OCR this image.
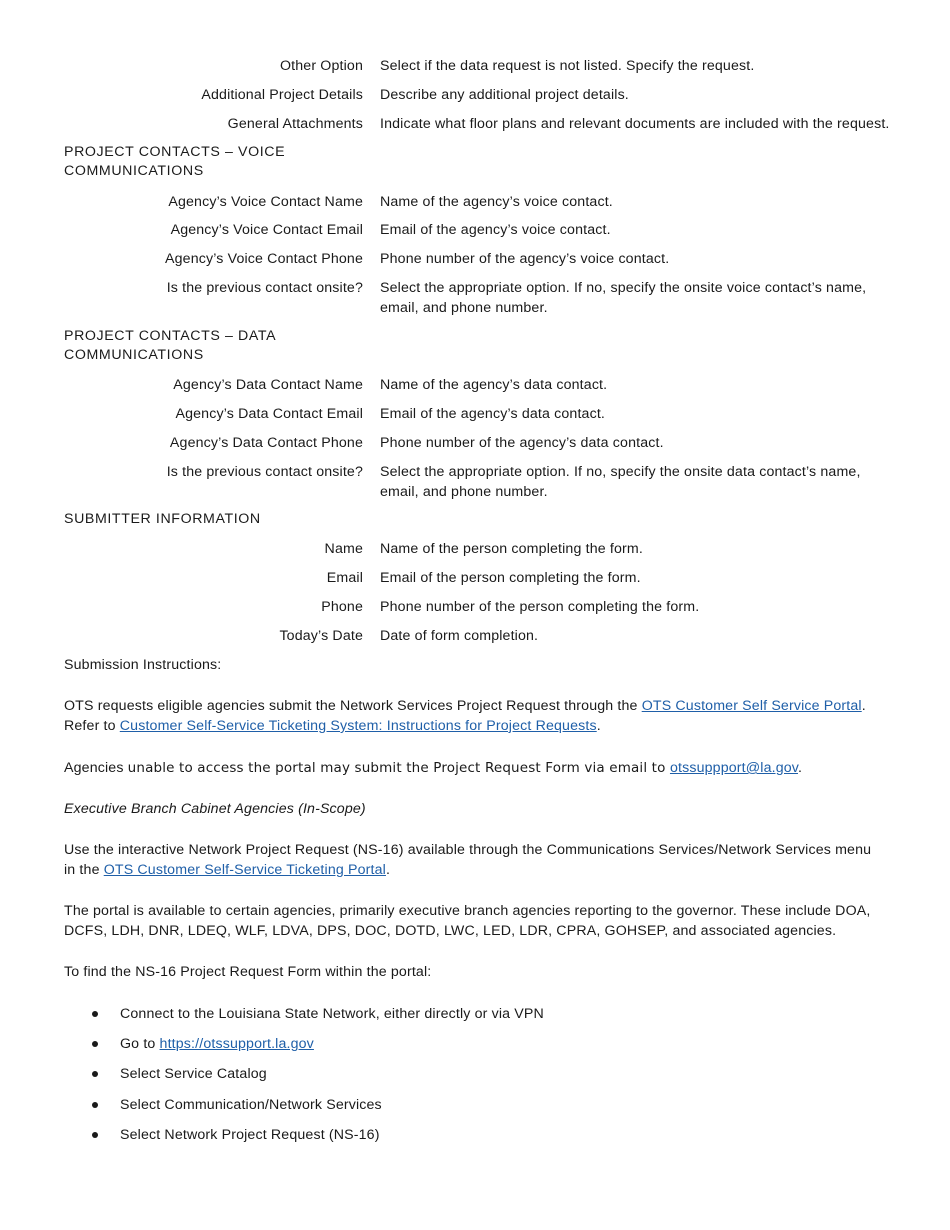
Other Option Select if the data request is not listed. Specify the request.
Additional Project Details Describe any additional project details.
General Attachments Indicate what floor plans and relevant documents are included with the request.
PROJECT CONTACTS – VOICE COMMUNICATIONS
Agency’s Voice Contact Name Name of the agency’s voice contact.
Agency’s Voice Contact Email Email of the agency’s voice contact.
Agency’s Voice Contact Phone Phone number of the agency’s voice contact.
Is the previous contact onsite? Select the appropriate option. If no, specify the onsite voice contact’s name, email, and phone number.
PROJECT CONTACTS – DATA COMMUNICATIONS
Agency’s Data Contact Name Name of the agency’s data contact.
Agency’s Data Contact Email Email of the agency’s data contact.
Agency’s Data Contact Phone Phone number of the agency’s data contact.
Is the previous contact onsite? Select the appropriate option. If no, specify the onsite data contact’s name, email, and phone number.
SUBMITTER INFORMATION
Name Name of the person completing the form.
Email Email of the person completing the form.
Phone Phone number of the person completing the form.
Today’s Date Date of form completion.
Submission Instructions:
OTS requests eligible agencies submit the Network Services Project Request through the OTS Customer Self Service Portal. Refer to Customer Self-Service Ticketing System: Instructions for Project Requests.
Agencies unable to access the portal may submit the Project Request Form via email to otssuppport@la.gov.
Executive Branch Cabinet Agencies (In-Scope)
Use the interactive Network Project Request (NS-16) available through the Communications Services/Network Services menu in the OTS Customer Self-Service Ticketing Portal.
The portal is available to certain agencies, primarily executive branch agencies reporting to the governor. These include DOA, DCFS, LDH, DNR, LDEQ, WLF, LDVA, DPS, DOC, DOTD, LWC, LED, LDR, CPRA, GOHSEP, and associated agencies.
To find the NS-16 Project Request Form within the portal:
Connect to the Louisiana State Network, either directly or via VPN
Go to https://otssupport.la.gov
Select Service Catalog
Select Communication/Network Services
Select Network Project Request (NS-16)
